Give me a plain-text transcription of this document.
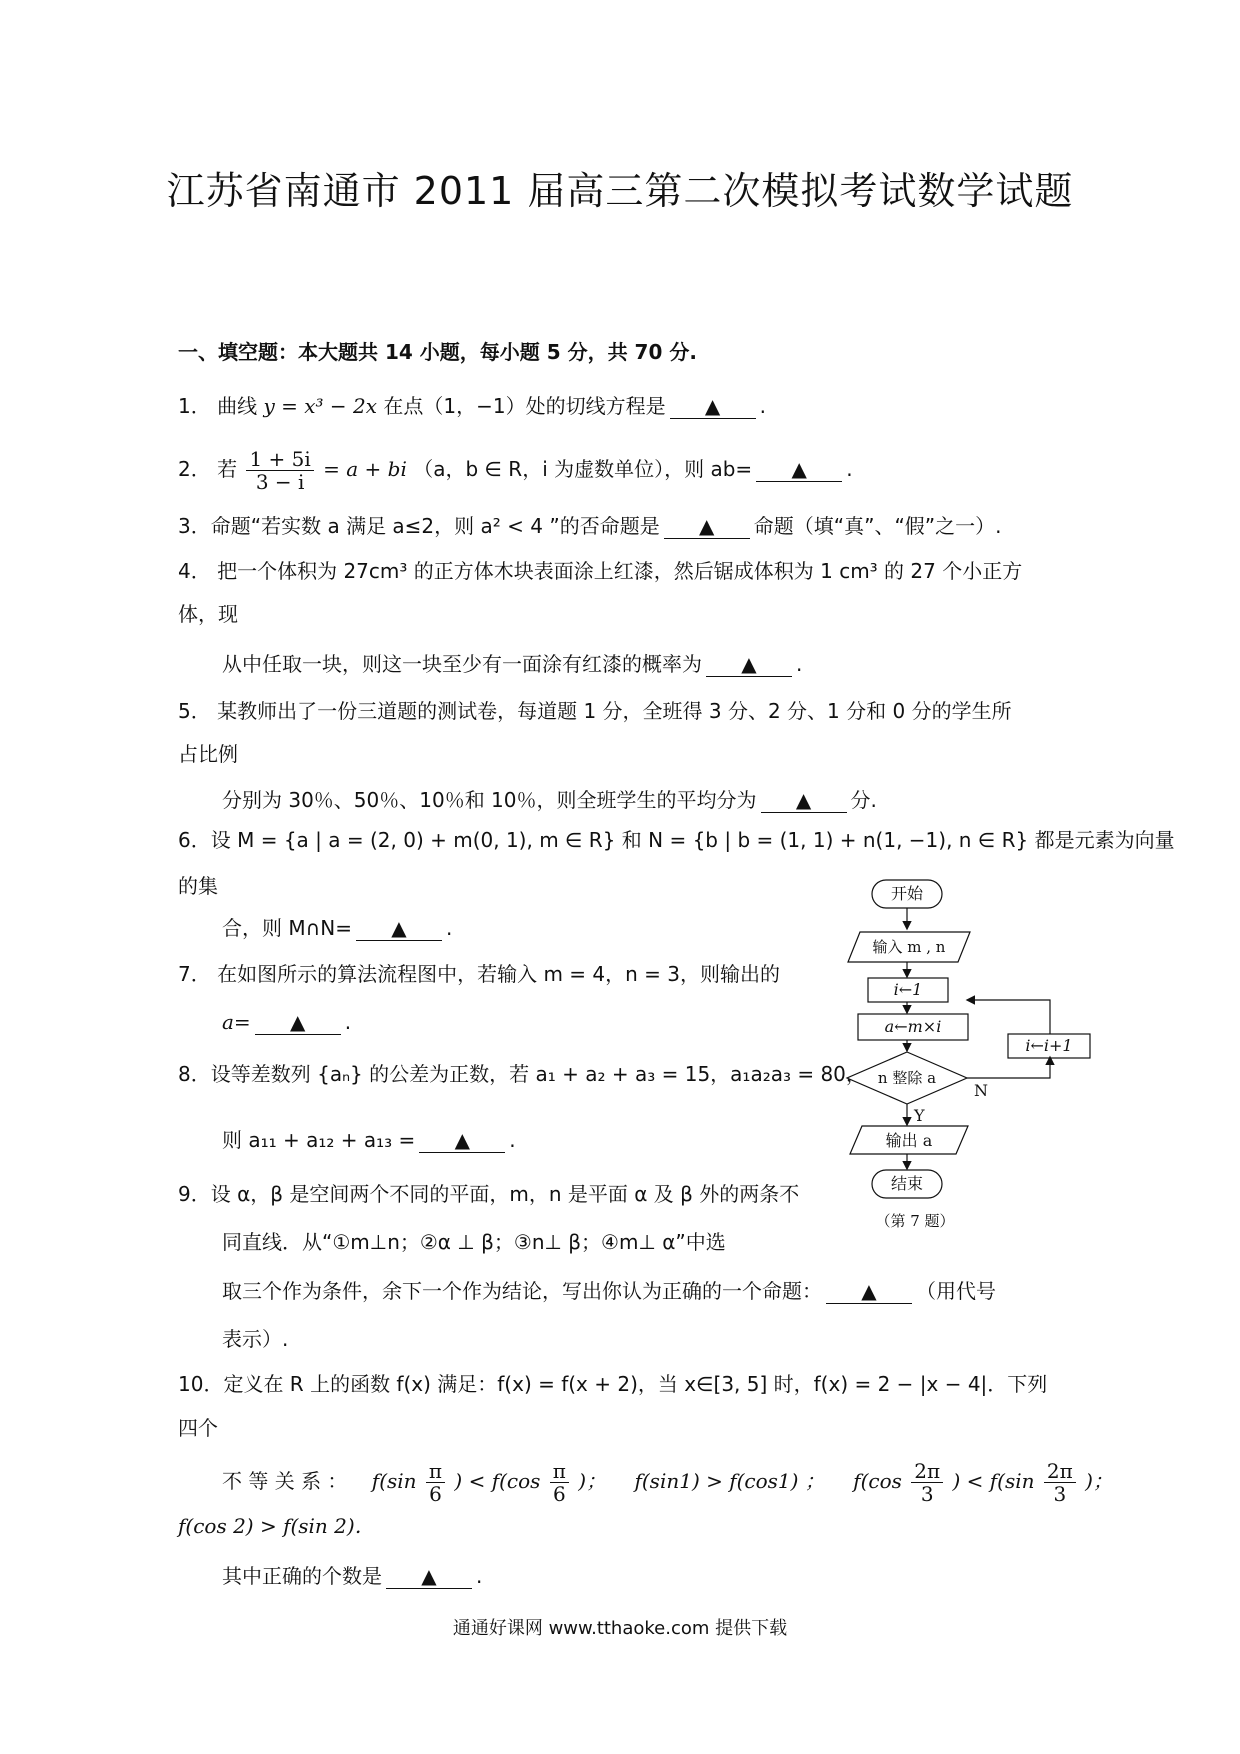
江苏省南通市 2011 届高三第二次模拟考试数学试题
一、填空题：本大题共 14 小题，每小题 5 分，共 70 分.
1． 曲线 y = x³ − 2x 在点（1，−1）处的切线方程是 ▲ .
2． 若 $\frac{1 + 5i}{3 - i} = a$ + bi （a，b ∈ R，i 为虚数单位），则 ab= ▲ .
3．命题“若实数 a 满足 a≤2，则 a² < 4 ”的否命题是 ▲ 命题（填“真”、“假”之一）.
4． 把一个体积为 27cm³ 的正方体木块表面涂上红漆，然后锯成体积为 1 cm³ 的 27 个小正方
体，现
从中任取一块，则这一块至少有一面涂有红漆的概率为 ▲ .
5． 某教师出了一份三道题的测试卷，每道题 1 分，全班得 3 分、2 分、1 分和 0 分的学生所
占比例
分别为 30％、50％、10％和 10％，则全班学生的平均分为 ▲ 分.
6．设 M = {a | a = (2, 0) + m(0, 1), m ∈ R} 和 N = {b | b = (1, 1) + n(1, −1), n ∈ R} 都是元素为向量
的集
合，则 M∩N= ▲ .
7． 在如图所示的算法流程图中，若输入 m = 4，n = 3，则输出的
a= ▲ .
8．设等差数列 {aₙ} 的公差为正数，若 a₁ + a₂ + a₃ = 15，a₁a₂a₃ = 80，
则 a₁₁ + a₁₂ + a₁₃ = ▲ .
9．设 α，β 是空间两个不同的平面，m，n 是平面 α 及 β 外的两条不
同直线．从“①m⊥n；②α ⊥ β；③n⊥ β；④m⊥ α”中选
取三个作为条件，余下一个作为结论，写出你认为正确的一个命题： ▲ （用代号
表示）.
10．定义在 R 上的函数 f(x) 满足：f(x) = f(x + 2)，当 x∈[3, 5] 时，f(x) = 2 − |x − 4|．下列
四个
不 等 关 系 ： $f(\sin \frac{\pi}{6}$ ) < $f(\cos \frac{\pi}{6}$ )； f(sin1) > f(cos1) ； $f(\cos \frac{2\pi}{3}$ ) < $f(\sin \frac{2\pi}{3}$ )；
f(cos 2) > f(sin 2)．
其中正确的个数是 ▲ .
开始
输入 m , n
i←1
a←m×i
n 整除 a
i←i+1
N
Y
输出 a
结束
（第 7 题）
通通好课网 www.tthaoke.com 提供下载
